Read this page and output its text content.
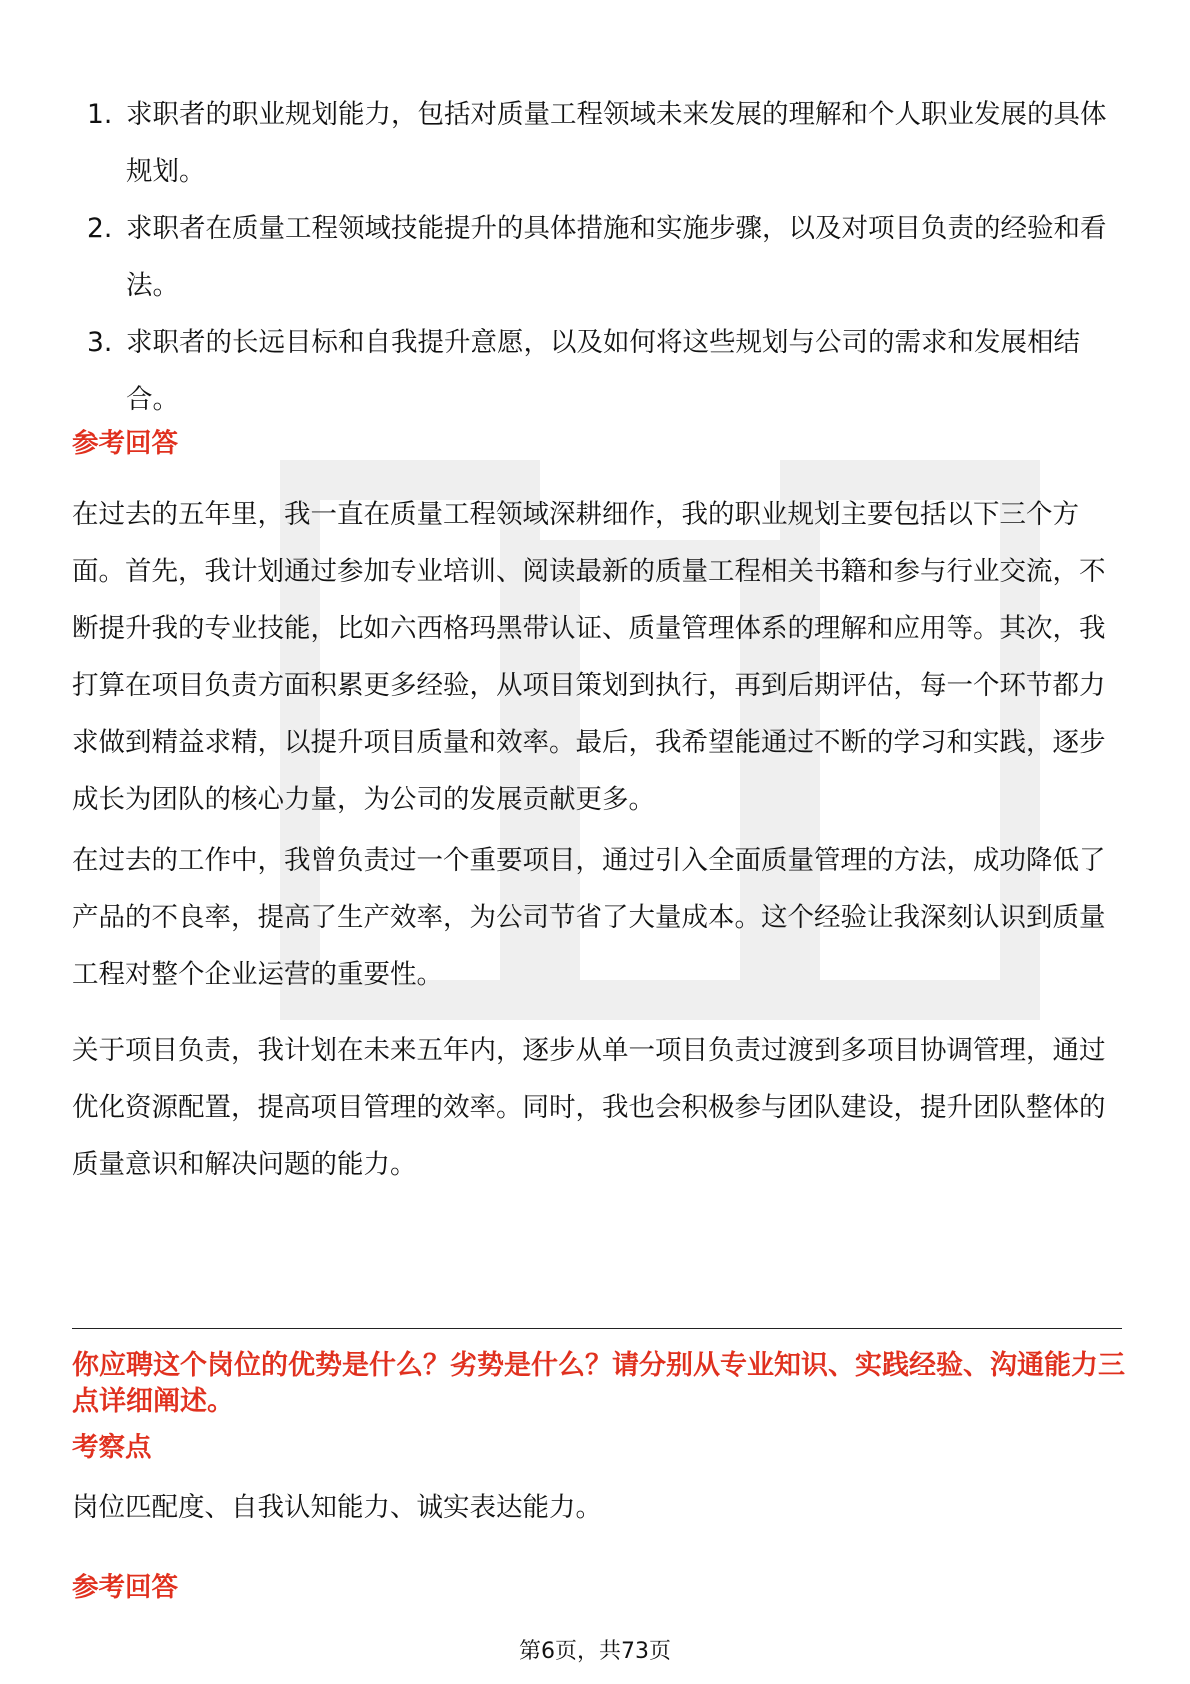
1. 求职者的职业规划能力，包括对质量工程领域未来发展的理解和个人职业发展的具体规划。
2. 求职者在质量工程领域技能提升的具体措施和实施步骤，以及对项目负责的经验和看法。
3. 求职者的长远目标和自我提升意愿，以及如何将这些规划与公司的需求和发展相结合。
参考回答

在过去的五年里，我一直在质量工程领域深耕细作，我的职业规划主要包括以下三个方面。首先，我计划通过参加专业培训、阅读最新的质量工程相关书籍和参与行业交流，不断提升我的专业技能，比如六西格玛黑带认证、质量管理体系的理解和应用等。其次，我打算在项目负责方面积累更多经验，从项目策划到执行，再到后期评估，每一个环节都力求做到精益求精，以提升项目质量和效率。最后，我希望能通过不断的学习和实践，逐步成长为团队的核心力量，为公司的发展贡献更多。

在过去的工作中，我曾负责过一个重要项目，通过引入全面质量管理的方法，成功降低了产品的不良率，提高了生产效率，为公司节省了大量成本。这个经验让我深刻认识到质量工程对整个企业运营的重要性。

关于项目负责，我计划在未来五年内，逐步从单一项目负责过渡到多项目协调管理，通过优化资源配置，提高项目管理的效率。同时，我也会积极参与团队建设，提升团队整体的质量意识和解决问题的能力。

你应聘这个岗位的优势是什么？劣势是什么？请分别从专业知识、实践经验、沟通能力三点详细阐述。
考察点

岗位匹配度、自我认知能力、诚实表达能力。

参考回答
第6页，共73页
